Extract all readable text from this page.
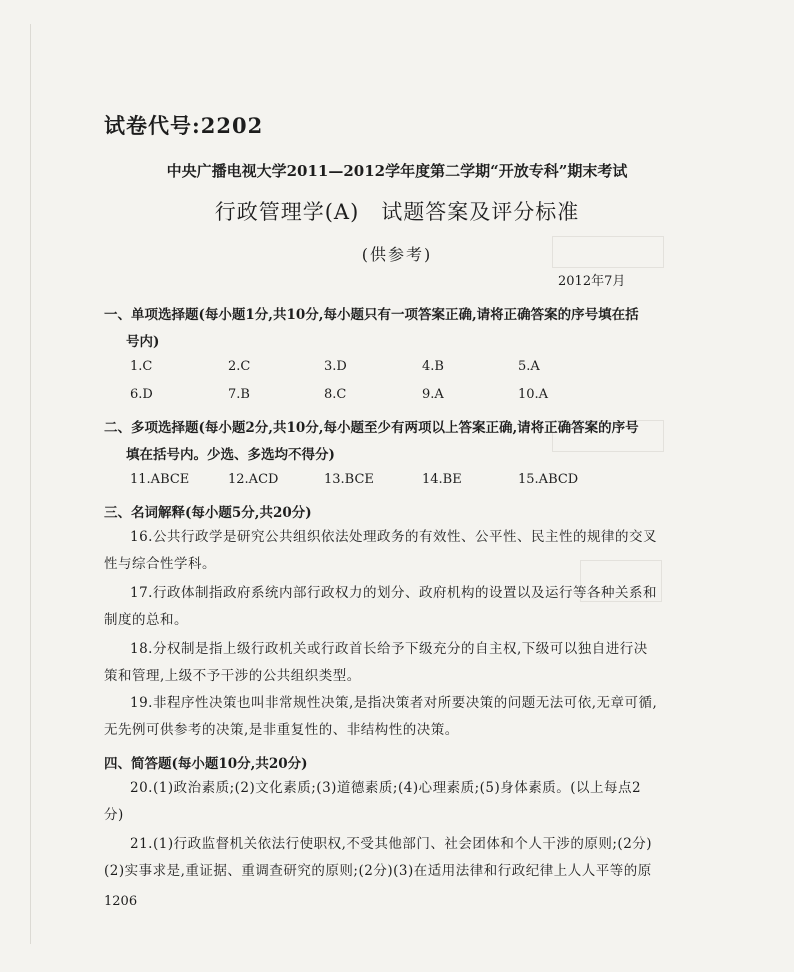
试卷代号:2202
中央广播电视大学2011—2012学年度第二学期“开放专科”期末考试
行政管理学(A)　试题答案及评分标准
(供参考)
2012年7月
一、单项选择题(每小题1分,共10分,每小题只有一项答案正确,请将正确答案的序号填在括
号内)
1.C	2.C	3.D	4.B	5.A
6.D	7.B	8.C	9.A	10.A
二、多项选择题(每小题2分,共10分,每小题至少有两项以上答案正确,请将正确答案的序号
填在括号内。少选、多选均不得分)
11.ABCE	12.ACD	13.BCE	14.BE	15.ABCD
三、名词解释(每小题5分,共20分)
16.公共行政学是研究公共组织依法处理政务的有效性、公平性、民主性的规律的交叉性与综合性学科。
17.行政体制指政府系统内部行政权力的划分、政府机构的设置以及运行等各种关系和制度的总和。
18.分权制是指上级行政机关或行政首长给予下级充分的自主权,下级可以独自进行决策和管理,上级不予干涉的公共组织类型。
19.非程序性决策也叫非常规性决策,是指决策者对所要决策的问题无法可依,无章可循,无先例可供参考的决策,是非重复性的、非结构性的决策。
四、简答题(每小题10分,共20分)
20.(1)政治素质;(2)文化素质;(3)道德素质;(4)心理素质;(5)身体素质。(以上每点2分)
21.(1)行政监督机关依法行使职权,不受其他部门、社会团体和个人干涉的原则;(2分)(2)实事求是,重证据、重调查研究的原则;(2分)(3)在适用法律和行政纪律上人人平等的原
1206
